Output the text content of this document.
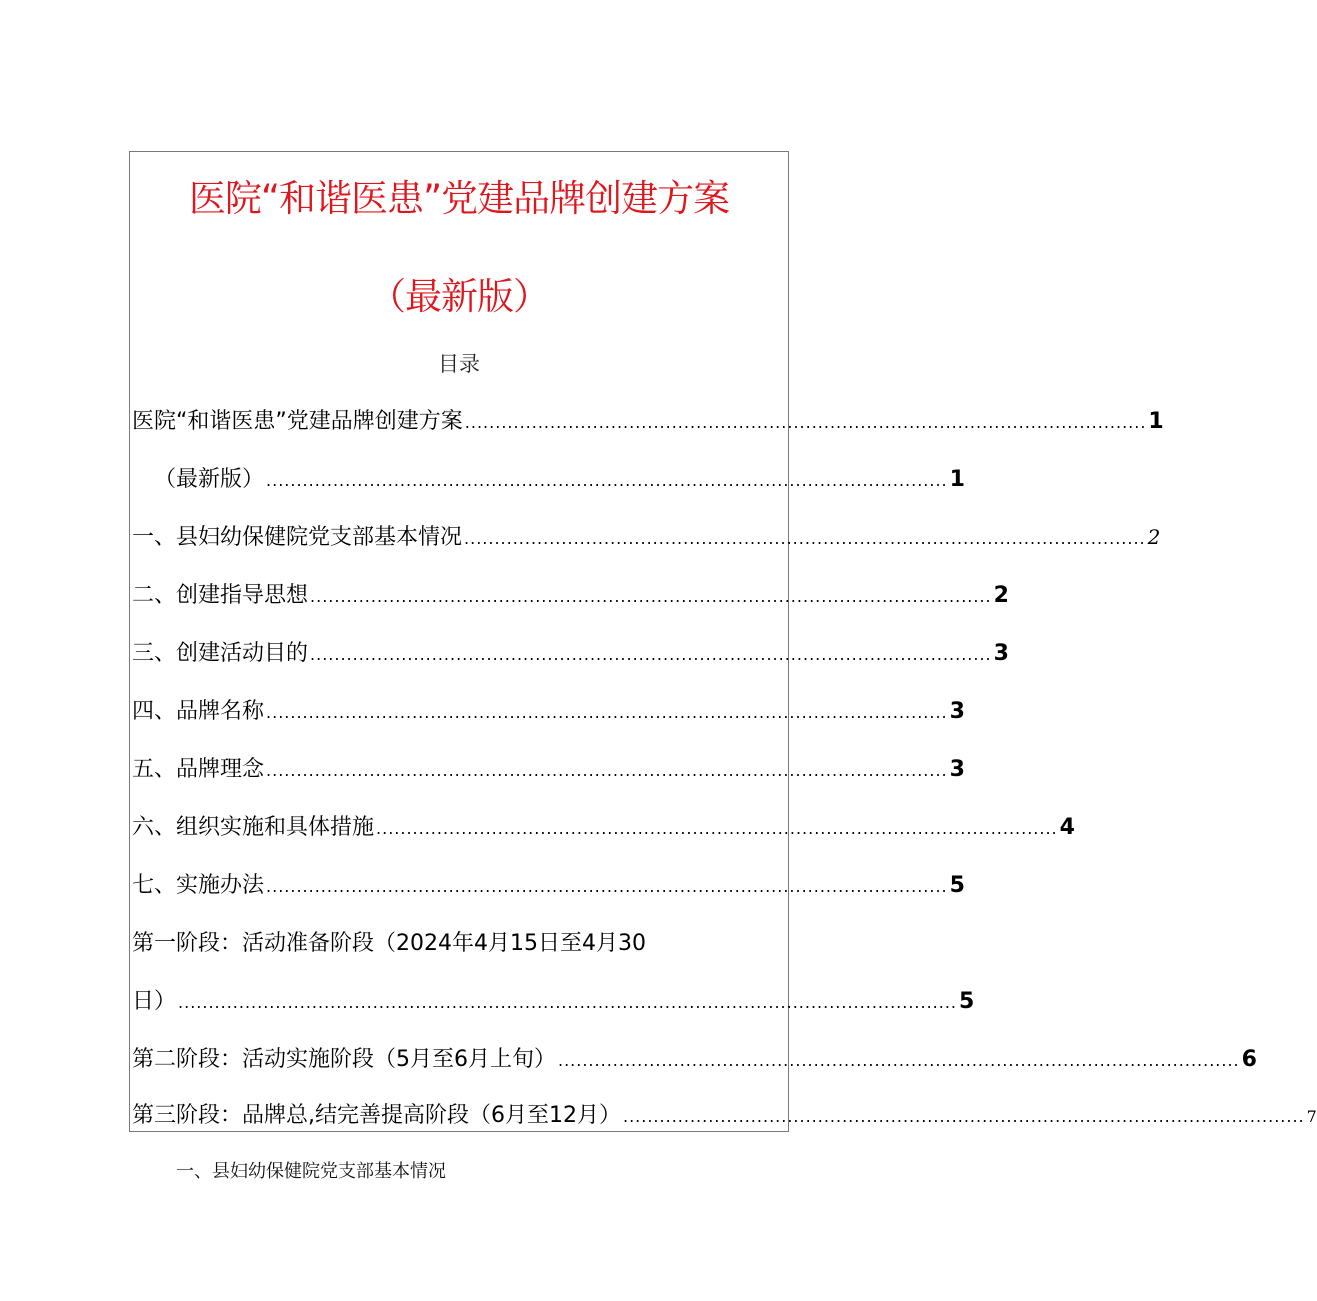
医院“和谐医患”党建品牌创建方案
（最新版）
目录
医院“和谐医患”党建品牌创建方案 ................................................................................................................ 1
（最新版） ................................................................................................................ 1
一、县妇幼保健院党支部基本情况 ................................................................................................................ 2
二、创建指导思想 ................................................................................................................ 2
三、创建活动目的 ................................................................................................................ 3
四、品牌名称 ................................................................................................................ 3
五、品牌理念 ................................................................................................................ 3
六、组织实施和具体措施 ................................................................................................................ 4
七、实施办法 ................................................................................................................ 5
第一阶段：活动准备阶段（2024年4月15日至4月30
日） ................................................................................................................................ 5
第二阶段：活动实施阶段（5月至6月上旬） ................................................................................................................ 6
第三阶段：品牌总,结完善提高阶段（6月至12月） ................................................................................................................ 7
一、县妇幼保健院党支部基本情况
